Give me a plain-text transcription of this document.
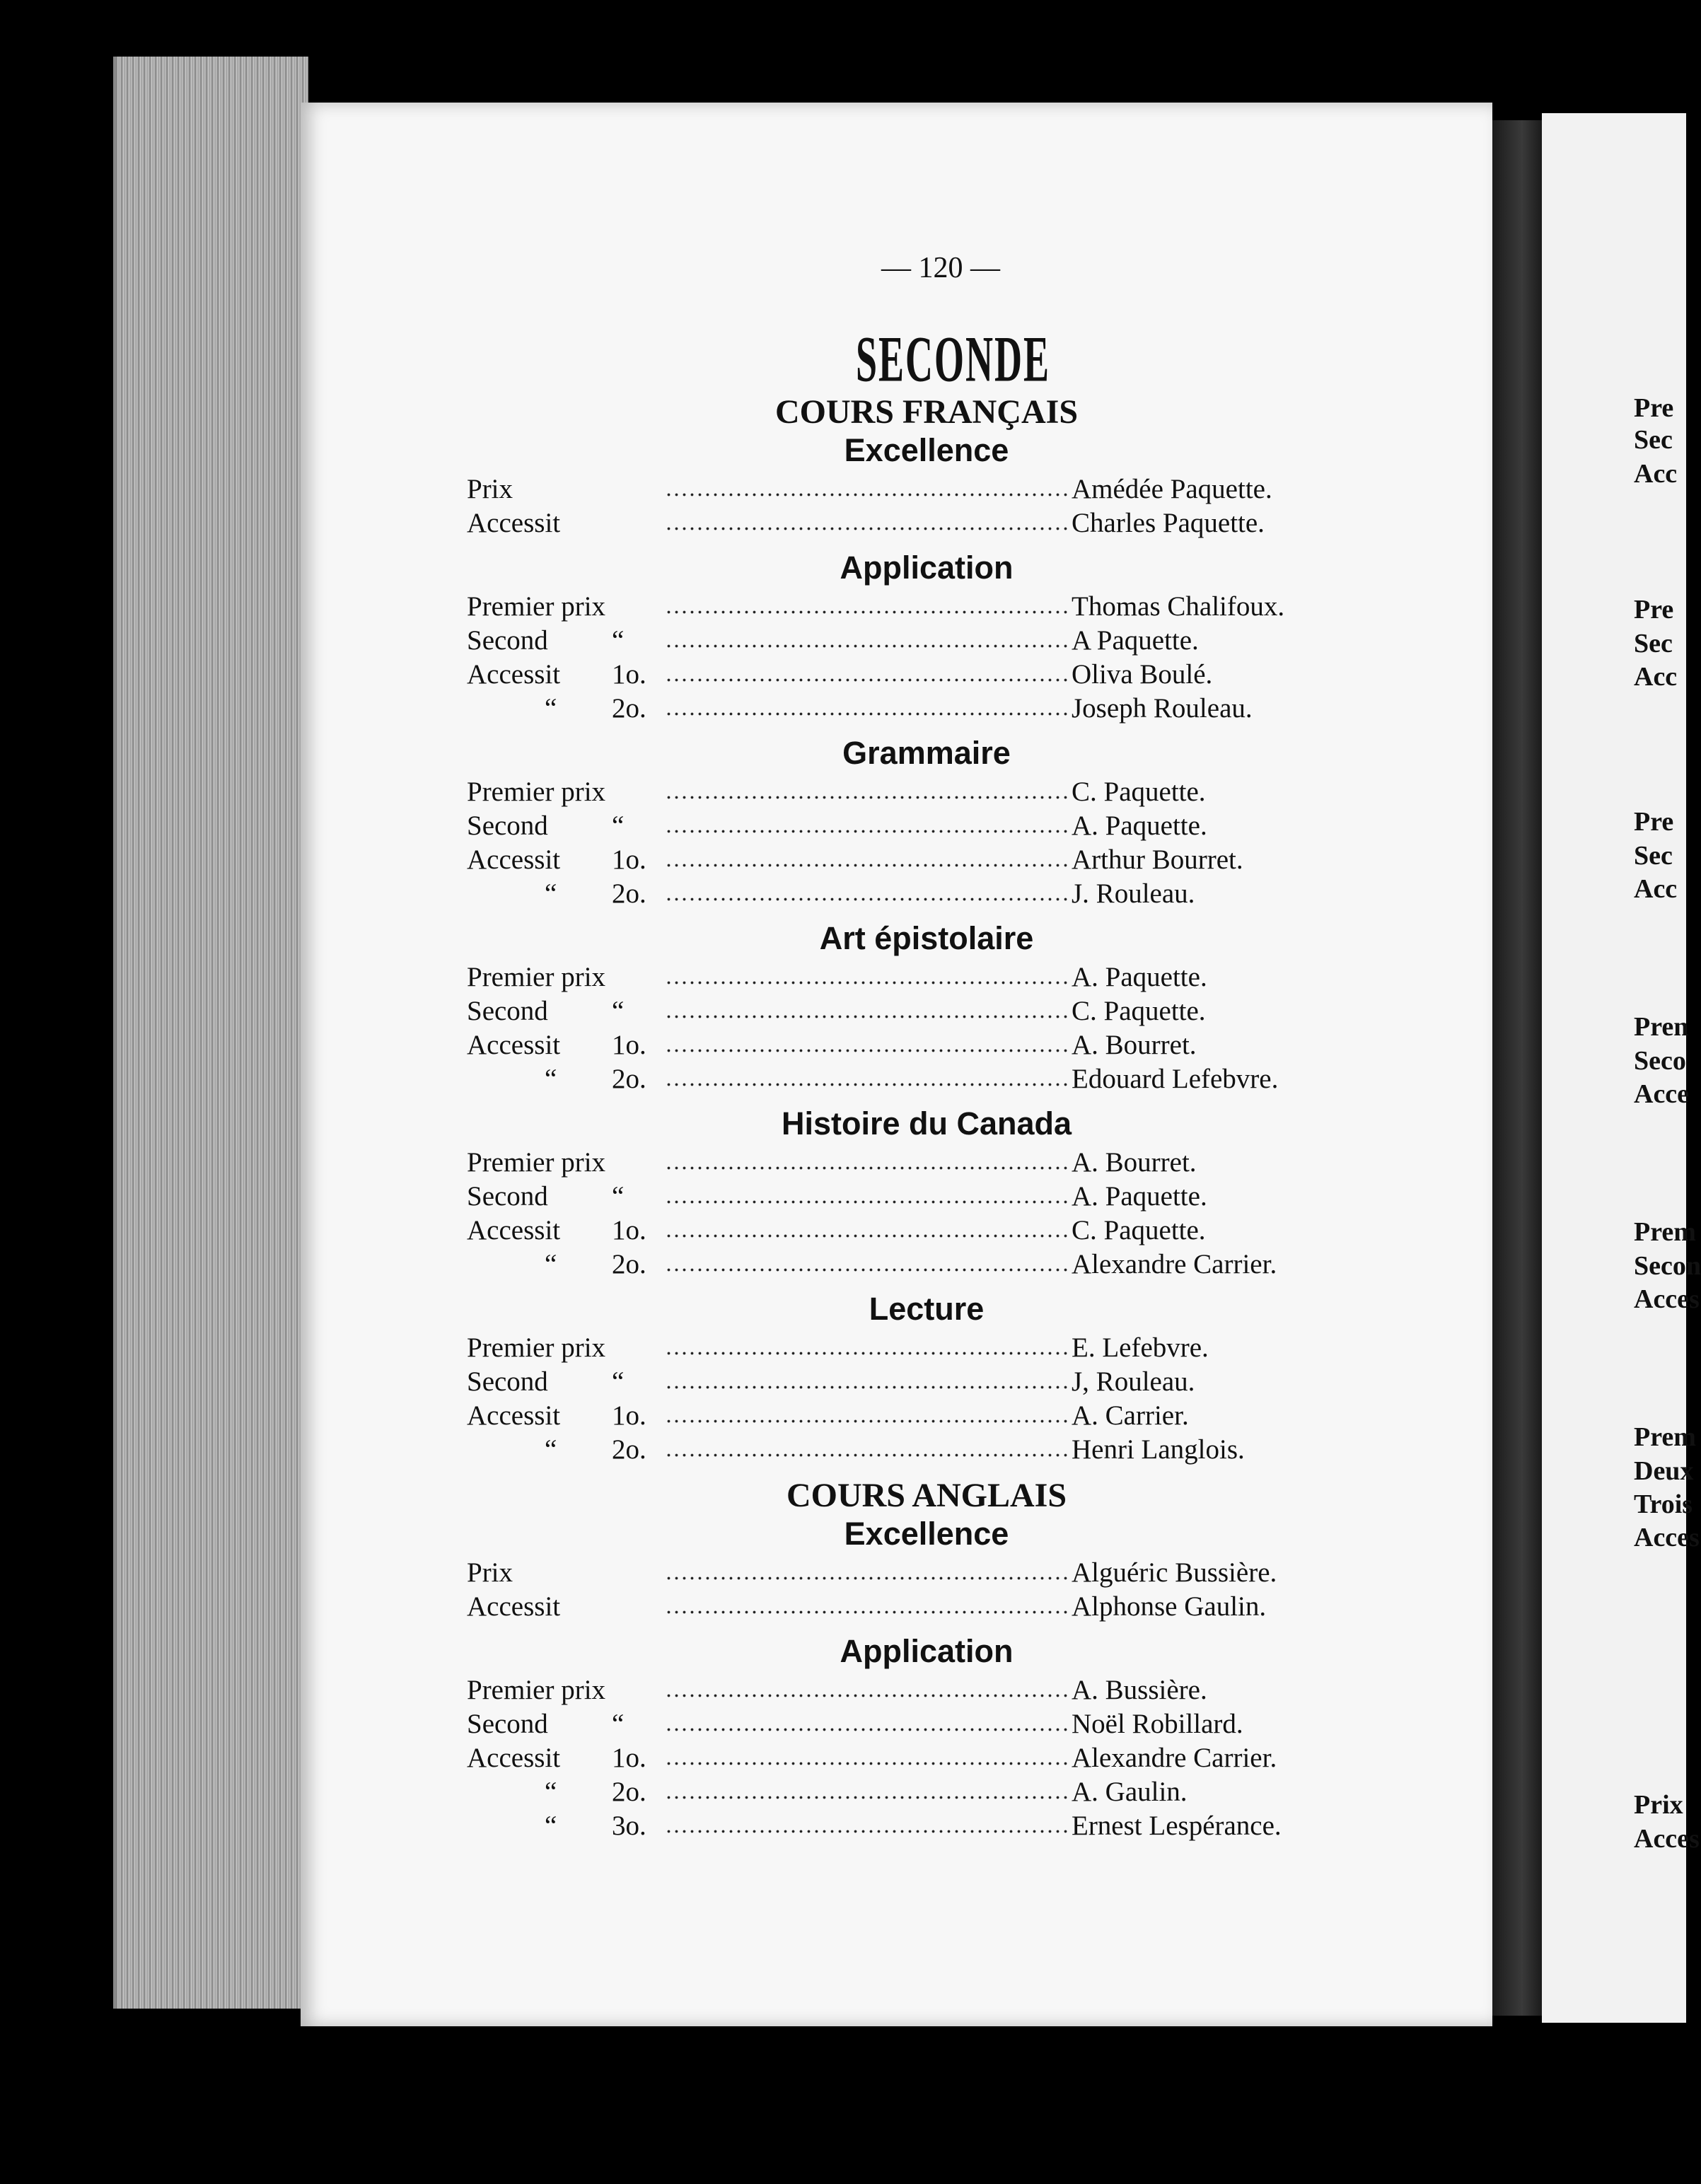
Pre
Sec
Acc
Pre
Sec
Acc
Pre
Sec
Acc
Pren
Seco
Acce
Prem
Secon
Acces
Prem
Deux
Trois
Acces
Prix
Acces
— 120 —
SECONDE
COURS FRANÇAIS
Excellence
Prix	Amédée Paquette.
Accessit	Charles Paquette.
Application
Premier prix	Thomas Chalifoux.
Second “	A Paquette.
Accessit 1o.	Oliva Boulé.
“ 2o.	Joseph Rouleau.
Grammaire
Premier prix	C. Paquette.
Second “	A. Paquette.
Accessit 1o.	Arthur Bourret.
“ 2o.	J. Rouleau.
Art épistolaire
Premier prix	A. Paquette.
Second “	C. Paquette.
Accessit 1o.	A. Bourret.
“ 2o.	Edouard Lefebvre.
Histoire du Canada
Premier prix	A. Bourret.
Second “	A. Paquette.
Accessit 1o.	C. Paquette.
“ 2o.	Alexandre Carrier.
Lecture
Premier prix	E. Lefebvre.
Second “	J, Rouleau.
Accessit 1o.	A. Carrier.
“ 2o.	Henri Langlois.
COURS ANGLAIS
Excellence
Prix	Alguéric Bussière.
Accessit	Alphonse Gaulin.
Application
Premier prix	A. Bussière.
Second “	Noël Robillard.
Accessit 1o.	Alexandre Carrier.
“ 2o.	A. Gaulin.
“ 3o.	Ernest Lespérance.
